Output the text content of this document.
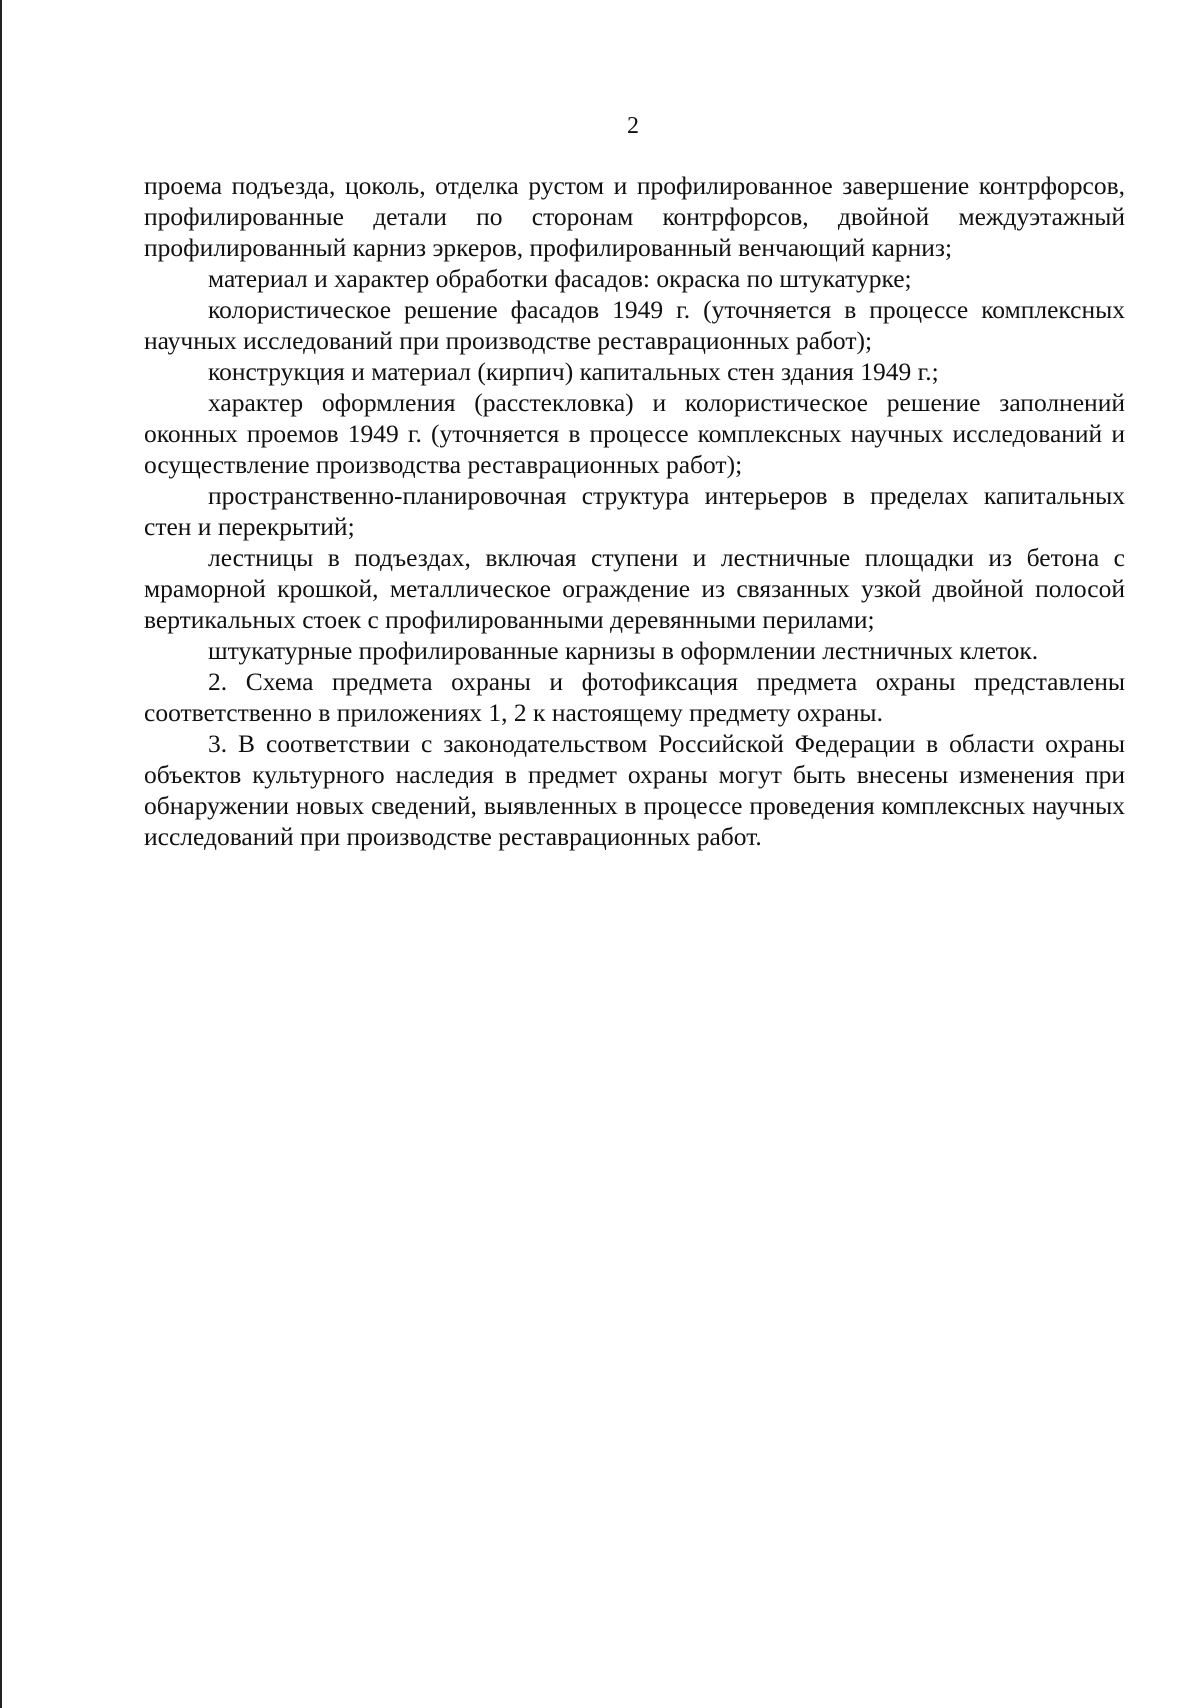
2

проема подъезда, цоколь, отделка рустом и профилированное завершение контрфорсов, профилированные детали по сторонам контрфорсов, двойной междуэтажный профилированный карниз эркеров, профилированный венчающий карниз;

материал и характер обработки фасадов: окраска по штукатурке;

колористическое решение фасадов 1949 г. (уточняется в процессе комплексных научных исследований при производстве реставрационных работ);

конструкция и материал (кирпич) капитальных стен здания 1949 г.;

характер оформления (расстекловка) и колористическое решение заполнений оконных проемов 1949 г. (уточняется в процессе комплексных научных исследований и осуществление производства реставрационных работ);

пространственно-планировочная структура интерьеров в пределах капитальных стен и перекрытий;

лестницы в подъездах, включая ступени и лестничные площадки из бетона с мраморной крошкой, металлическое ограждение из связанных узкой двойной полосой вертикальных стоек с профилированными деревянными перилами;

штукатурные профилированные карнизы в оформлении лестничных клеток.

2. Схема предмета охраны и фотофиксация предмета охраны представлены соответственно в приложениях 1, 2 к настоящему предмету охраны.

3. В соответствии с законодательством Российской Федерации в области охраны объектов культурного наследия в предмет охраны могут быть внесены изменения при обнаружении новых сведений, выявленных в процессе проведения комплексных научных исследований при производстве реставрационных работ.
